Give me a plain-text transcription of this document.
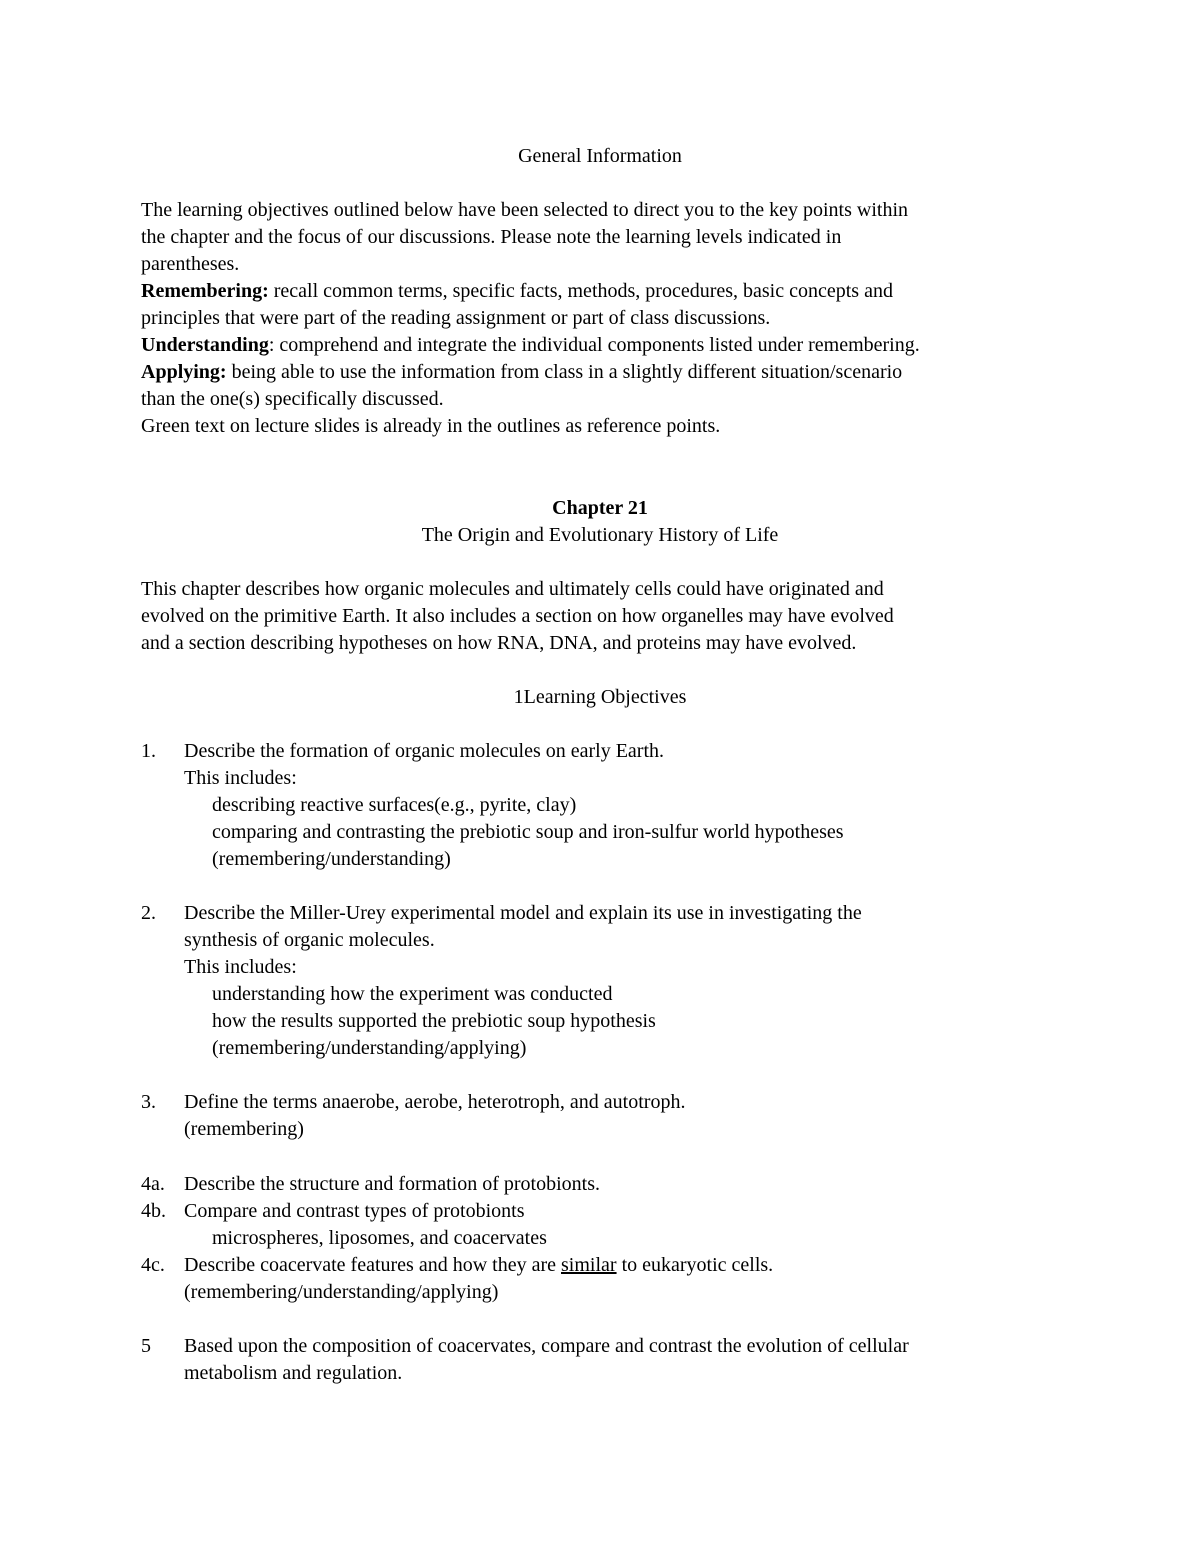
General Information

The learning objectives outlined below have been selected to direct you to the key points within

the chapter and the focus of our discussions. Please note the learning levels indicated in

parentheses.

Remembering: recall common terms, specific facts, methods, procedures, basic concepts and

principles that were part of the reading assignment or part of class discussions.

Understanding: comprehend and integrate the individual components listed under remembering.

Applying: being able to use the information from class in a slightly different situation/scenario

than the one(s) specifically discussed.

Green text on lecture slides is already in the outlines as reference points.

Chapter 21
The Origin and Evolutionary History of Life

This chapter describes how organic molecules and ultimately cells could have originated and

evolved on the primitive Earth. It also includes a section on how organelles may have evolved

and a section describing hypotheses on how RNA, DNA, and proteins may have evolved.

1Learning Objectives
1.	Describe the formation of organic molecules on early Earth.

This includes:

describing reactive surfaces(e.g., pyrite, clay)

comparing and contrasting the prebiotic soup and iron-sulfur world hypotheses

(remembering/understanding)

2.	Describe the Miller-Urey experimental model and explain its use in investigating the

synthesis of organic molecules.

This includes:

understanding how the experiment was conducted

how the results supported the prebiotic soup hypothesis

(remembering/understanding/applying)

3.	Define the terms anaerobe, aerobe, heterotroph, and autotroph.

(remembering)

4a. Describe the structure and formation of protobionts.

4b. Compare and contrast types of protobionts

microspheres, liposomes, and coacervates

4c. Describe coacervate features and how they are similar to eukaryotic cells.

(remembering/understanding/applying)

5	Based upon the composition of coacervates, compare and contrast the evolution of cellular

metabolism and regulation.
